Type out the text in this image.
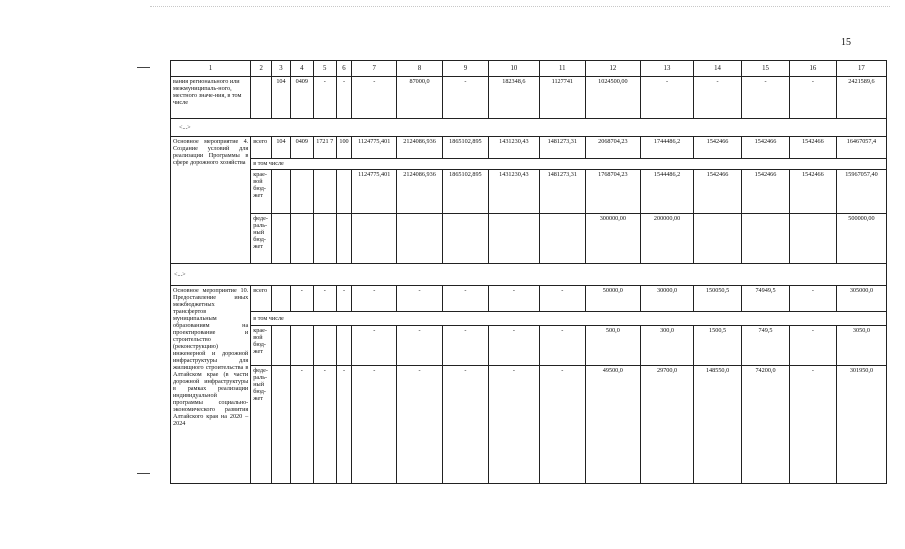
15
1	2	3	4	5	6	7	8	9	10	11	12	13	14	15	16	17
вания регионального или межмуниципаль-ного, местного значе-ния, в том числе		104	0409	-	-	-	87000,0	-	182348,6	1127741	1024500,00	-	-	-	-	2421589,6
<...>																
Основное мероприятие 4. Создание условий для реализации Программы в сфере дорожного хозяйства	всего	104	0409	1721 7	100	1124775,401	2124086,936	1865102,895	1431230,43	1481273,31	2068704,23	1744486,2	1542466	1542466	1542466	16467057,4
	в том числе															
	крае-вой бюд-жет					1124775,401	2124086,936	1865102,895	1431230,43	1481273,31	1768704,23	1544486,2	1542466	1542466	1542466	15967057,40
	феде-раль-ный бюд-жет										300000,00	200000,00				500000,00
<...>																
Основное мероприятие 10. Предоставление иных межбюджетных трансфертов муниципальным образованиям на проектирование и строительство (реконструкцию) инженерной и дорожной инфраструктуры для жилищного строительства в Алтайском крае (в части дорожной инфраструктуры в рамках реализации индивидуальной программы социально-экономического развития Алтайского края на 2020 – 2024	всего		-	-	-	-	-	-	-	-	50000,0	30000,0	150050,5	74949,5	-	305000,0
	в том числе															
	крае-вой бюд-жет					-	-	-	-	-	500,0	300,0	1500,5	749,5	-	3050,0
	феде-раль-ный бюд-жет		-	-	-	-	-	-	-	-	49500,0	29700,0	148550,0	74200,0	-	301950,0
